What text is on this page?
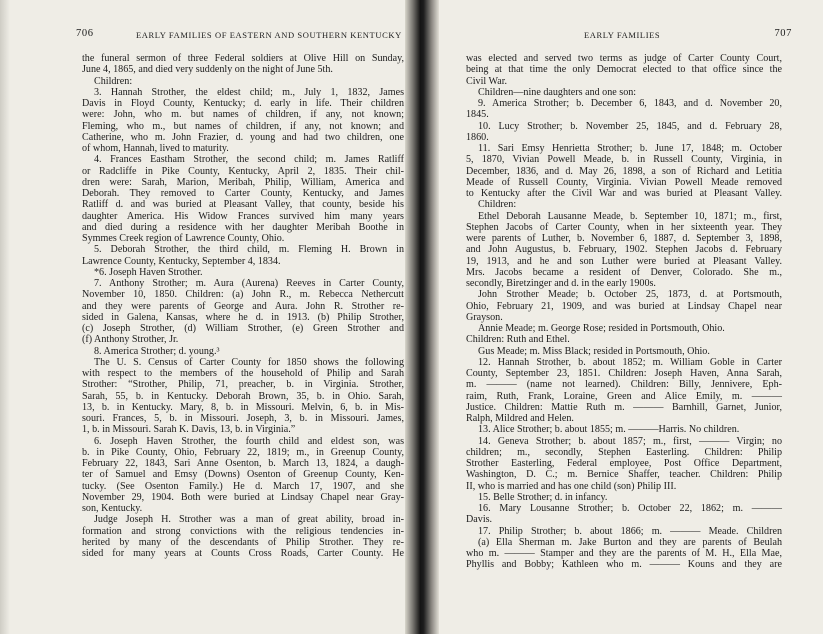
706	EARLY FAMILIES OF EASTERN AND SOUTHERN KENTUCKY
the funeral sermon of three Federal soldiers at Olive Hill on Sunday,
June 4, 1865, and died very suddenly on the night of June 5th.
Children:
3. Hannah Strother, the eldest child; m., July 1, 1832, James
Davis in Floyd County, Kentucky; d. early in life. Their children
were: John, who m. but names of children, if any, not known;
Fleming, who m., but names of children, if any, not known; and
Catherine, who m. John Frazier, d. young and had two children, one
of whom, Hannah, lived to maturity.
4. Frances Eastham Strother, the second child; m. James Ratliff
or Radcliffe in Pike County, Kentucky, April 2, 1835. Their chil-
dren were: Sarah, Marion, Meribah, Philip, William, America and
Deborah. They removed to Carter County, Kentucky, and James
Ratliff d. and was buried at Pleasant Valley, that county, beside his
daughter America. His Widow Frances survived him many years
and died during a residence with her daughter Meribah Boothe in
Symmes Creek region of Lawrence County, Ohio.
5. Deborah Strother, the third child, m. Fleming H. Brown in
Lawrence County, Kentucky, September 4, 1834.
*6. Joseph Haven Strother.
7. Anthony Strother; m. Aura (Aurena) Reeves in Carter County,
November 10, 1850. Children: (a) John R., m. Rebecca Nethercutt
and they were parents of George and Aura. John R. Strother re-
sided in Galena, Kansas, where he d. in 1913. (b) Philip Strother,
(c) Joseph Strother, (d) William Strother, (e) Green Strother and
(f) Anthony Strother, Jr.
8. America Strother; d. young.³
The U. S. Census of Carter County for 1850 shows the following
with respect to the members of the household of Philip and Sarah
Strother: “Strother, Philip, 71, preacher, b. in Virginia. Strother,
Sarah, 55, b. in Kentucky. Deborah Brown, 35, b. in Ohio. Sarah,
13, b. in Kentucky. Mary, 8, b. in Missouri. Melvin, 6, b. in Mis-
souri. Frances, 5, b. in Missouri. Joseph, 3, b. in Missouri. James,
1, b. in Missouri. Sarah K. Davis, 13, b. in Virginia.”
6. Joseph Haven Strother, the fourth child and eldest son, was
b. in Pike County, Ohio, February 22, 1819; m., in Greenup County,
February 22, 1843, Sari Anne Osenton, b. March 13, 1824, a daugh-
ter of Samuel and Emsy (Downs) Osenton of Greenup County, Ken-
tucky. (See Osenton Family.) He d. March 17, 1907, and she
November 29, 1904. Both were buried at Lindsay Chapel near Gray-
son, Kentucky.
Judge Joseph H. Strother was a man of great ability, broad in-
formation and strong convictions with the religious tendencies in-
herited by many of the descendants of Philip Strother. They re-
sided for many years at Counts Cross Roads, Carter County. He
EARLY FAMILIES	707
was elected and served two terms as judge of Carter County Court,
being at that time the only Democrat elected to that office since the
Civil War.
Children—nine daughters and one son:
9. America Strother; b. December 6, 1843, and d. November 20,
1845.
10. Lucy Strother; b. November 25, 1845, and d. February 28,
1860.
11. Sari Emsy Henrietta Strother; b. June 17, 1848; m. October
5, 1870, Vivian Powell Meade, b. in Russell County, Virginia, in
December, 1836, and d. May 26, 1898, a son of Richard and Letitia
Meade of Russell County, Virginia. Vivian Powell Meade removed
to Kentucky after the Civil War and was buried at Pleasant Valley.
Children:
Ethel Deborah Lausanne Meade, b. September 10, 1871; m., first,
Stephen Jacobs of Carter County, when in her sixteenth year. They
were parents of Luther, b. November 6, 1887, d. September 3, 1898,
and John Augustus, b. February, 1902. Stephen Jacobs d. February
19, 1913, and he and son Luther were buried at Pleasant Valley.
Mrs. Jacobs became a resident of Denver, Colorado. She m.,
secondly, Biretzinger and d. in the early 1900s.
John Strother Meade; b. October 25, 1873, d. at Portsmouth,
Ohio, February 21, 1909, and was buried at Lindsay Chapel near
Grayson.
Annie Meade; m. George Rose; resided in Portsmouth, Ohio.
Children: Ruth and Ethel.
Gus Meade; m. Miss Black; resided in Portsmouth, Ohio.
12. Hannah Strother, b. about 1852; m. William Goble in Carter
County, September 23, 1851. Children: Joseph Haven, Anna Sarah,
m. ——— (name not learned). Children: Billy, Jennivere, Eph-
raim, Ruth, Frank, Loraine, Green and Alice Emily, m. ———
Justice. Children: Mattie Ruth m. ——— Barnhill, Garnet, Junior,
Ralph, Mildred and Helen.
13. Alice Strother; b. about 1855; m. ———Harris. No children.
14. Geneva Strother; b. about 1857; m., first, ——— Virgin; no
children; m., secondly, Stephen Easterling. Children: Philip
Strother Easterling, Federal employee, Post Office Department,
Washington, D. C.; m. Bernice Shaffer, teacher. Children: Philip
II, who is married and has one child (son) Philip III.
15. Belle Strother; d. in infancy.
16. Mary Lousanne Strother; b. October 22, 1862; m. ———
Davis.
17. Philip Strother; b. about 1866; m. ——— Meade. Children
(a) Ella Sherman m. Jake Burton and they are parents of Beulah
who m. ——— Stamper and they are the parents of M. H., Ella Mae,
Phyllis and Bobby; Kathleen who m. ——— Kouns and they are
